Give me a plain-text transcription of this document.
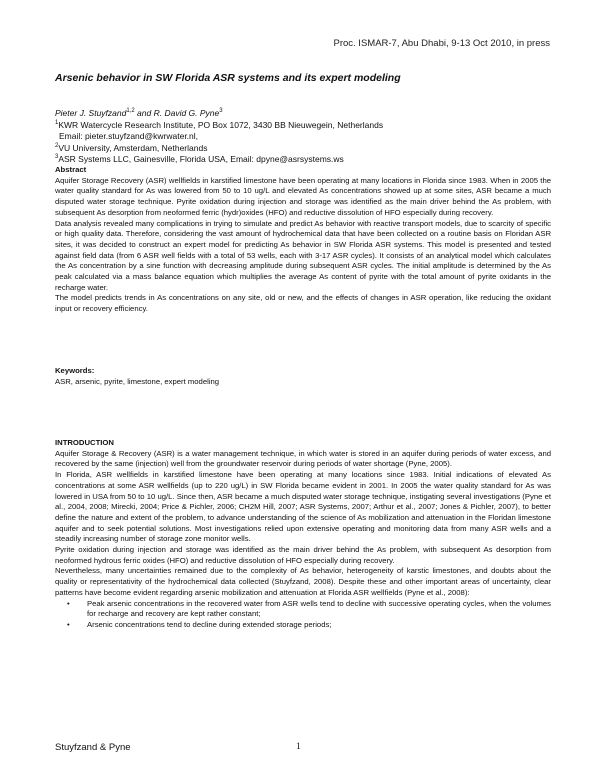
Proc. ISMAR-7, Abu Dhabi, 9-13 Oct 2010, in press
Arsenic behavior in SW Florida ASR systems and its expert modeling
Pieter J. Stuyfzand$^{1,2}$ and R. David G. Pyne$^3$
$^1$KWR Watercycle Research Institute, PO Box 1072, 3430 BB Nieuwegein, Netherlands
Email: pieter.stuyfzand@kwrwater.nl,
$^2$VU University, Amsterdam, Netherlands
$^3$ASR Systems LLC, Gainesville, Florida USA, Email: dpyne@asrsystems.ws
Abstract

Aquifer Storage Recovery (ASR) wellfields in karstified limestone have been operating at many locations in Florida since 1983. When in 2005 the water quality standard for As was lowered from 50 to 10 ug/L and elevated As concentrations showed up at some sites, ASR became a much disputed water storage technique. Pyrite oxidation during injection and storage was identified as the main driver behind the As problem, with subsequent As desorption from neoformed ferric (hydr)oxides (HFO) and reductive dissolution of HFO especially during recovery.

Data analysis revealed many complications in trying to simulate and predict As behavior with reactive transport models, due to scarcity of specific or high quality data. Therefore, considering the vast amount of hydrochemical data that have been collected on a routine basis on Floridan ASR sites, it was decided to construct an expert model for predicting As behavior in SW Florida ASR systems. This model is presented and tested against field data (from 6 ASR well fields with a total of 53 wells, each with 3-17 ASR cycles). It consists of an analytical model which calculates the As concentration by a sine function with decreasing amplitude during subsequent ASR cycles. The initial amplitude is determined by the As peak calculated via a mass balance equation which multiplies the average As content of pyrite with the total amount of pyrite oxidants in the recharge water.

The model predicts trends in As concentrations on any site, old or new, and the effects of changes in ASR operation, like reducing the oxidant input or recovery efficiency.

Keywords:
ASR, arsenic, pyrite, limestone, expert modeling
INTRODUCTION

Aquifer Storage & Recovery (ASR) is a water management technique, in which water is stored in an aquifer during periods of water excess, and recovered by the same (injection) well from the groundwater reservoir during periods of water shortage (Pyne, 2005).

In Florida, ASR wellfields in karstified limestone have been operating at many locations since 1983. Initial indications of elevated As concentrations at some ASR wellfields (up to 220 ug/L) in SW Florida became evident in 2001. In 2005 the water quality standard for As was lowered in USA from 50 to 10 ug/L. Since then, ASR became a much disputed water storage technique, instigating several investigations (Pyne et al., 2004, 2008; Mirecki, 2004; Price & Pichler, 2006; CH2M Hill, 2007; ASR Systems, 2007; Arthur et al., 2007; Jones & Pichler, 2007), to better define the nature and extent of the problem, to advance understanding of the science of As mobilization and attenuation in the Floridan limestone aquifer and to seek potential solutions. Most investigations relied upon extensive operating and monitoring data from many ASR wells and a steadily increasing number of storage zone monitor wells.

Pyrite oxidation during injection and storage was identified as the main driver behind the As problem, with subsequent As desorption from neoformed hydrous ferric oxides (HFO) and reductive dissolution of HFO especially during recovery.

Nevertheless, many uncertainties remained due to the complexity of As behavior, heterogeneity of karstic limestones, and doubts about the quality or representativity of the hydrochemical data collected (Stuyfzand, 2008). Despite these and other important areas of uncertainty, clear patterns have become evident regarding arsenic mobilization and attenuation at Florida ASR wellfields (Pyne et al., 2008):

• Peak arsenic concentrations in the recovered water from ASR wells tend to decline with successive operating cycles, when the volumes for recharge and recovery are kept rather constant;
• Arsenic concentrations tend to decline during extended storage periods;
Stuyfzand & Pyne	1
